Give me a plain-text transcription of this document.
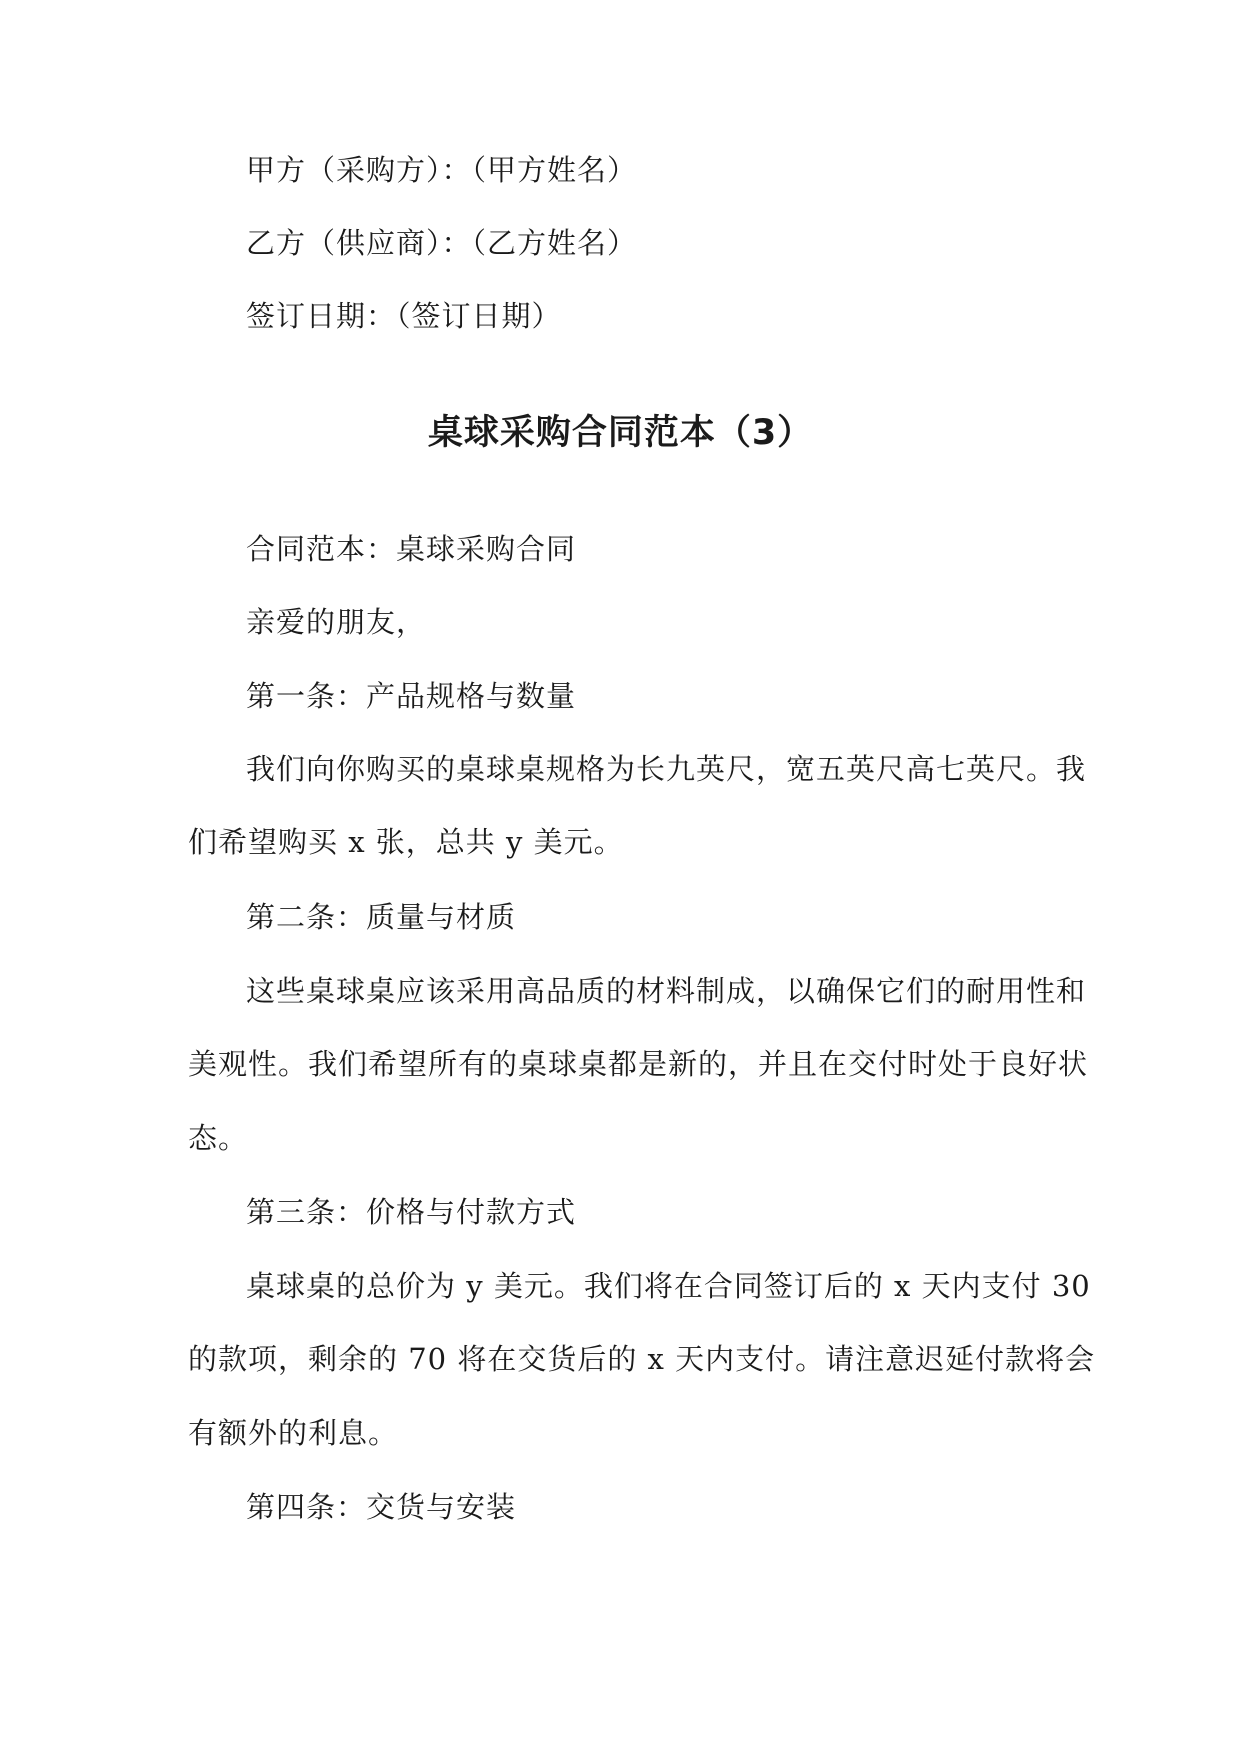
甲方（采购方）：（甲方姓名）
乙方（供应商）：（乙方姓名）
签订日期：（签订日期）
桌球采购合同范本（3）
合同范本：桌球采购合同
亲爱的朋友，
第一条：产品规格与数量
我们向你购买的桌球桌规格为长九英尺，宽五英尺高七英尺。我
们希望购买 x 张，总共 y 美元。
第二条：质量与材质
这些桌球桌应该采用高品质的材料制成，以确保它们的耐用性和
美观性。我们希望所有的桌球桌都是新的，并且在交付时处于良好状
态。
第三条：价格与付款方式
桌球桌的总价为 y 美元。我们将在合同签订后的 x 天内支付 30
的款项，剩余的 70 将在交货后的 x 天内支付。请注意迟延付款将会
有额外的利息。
第四条：交货与安装
